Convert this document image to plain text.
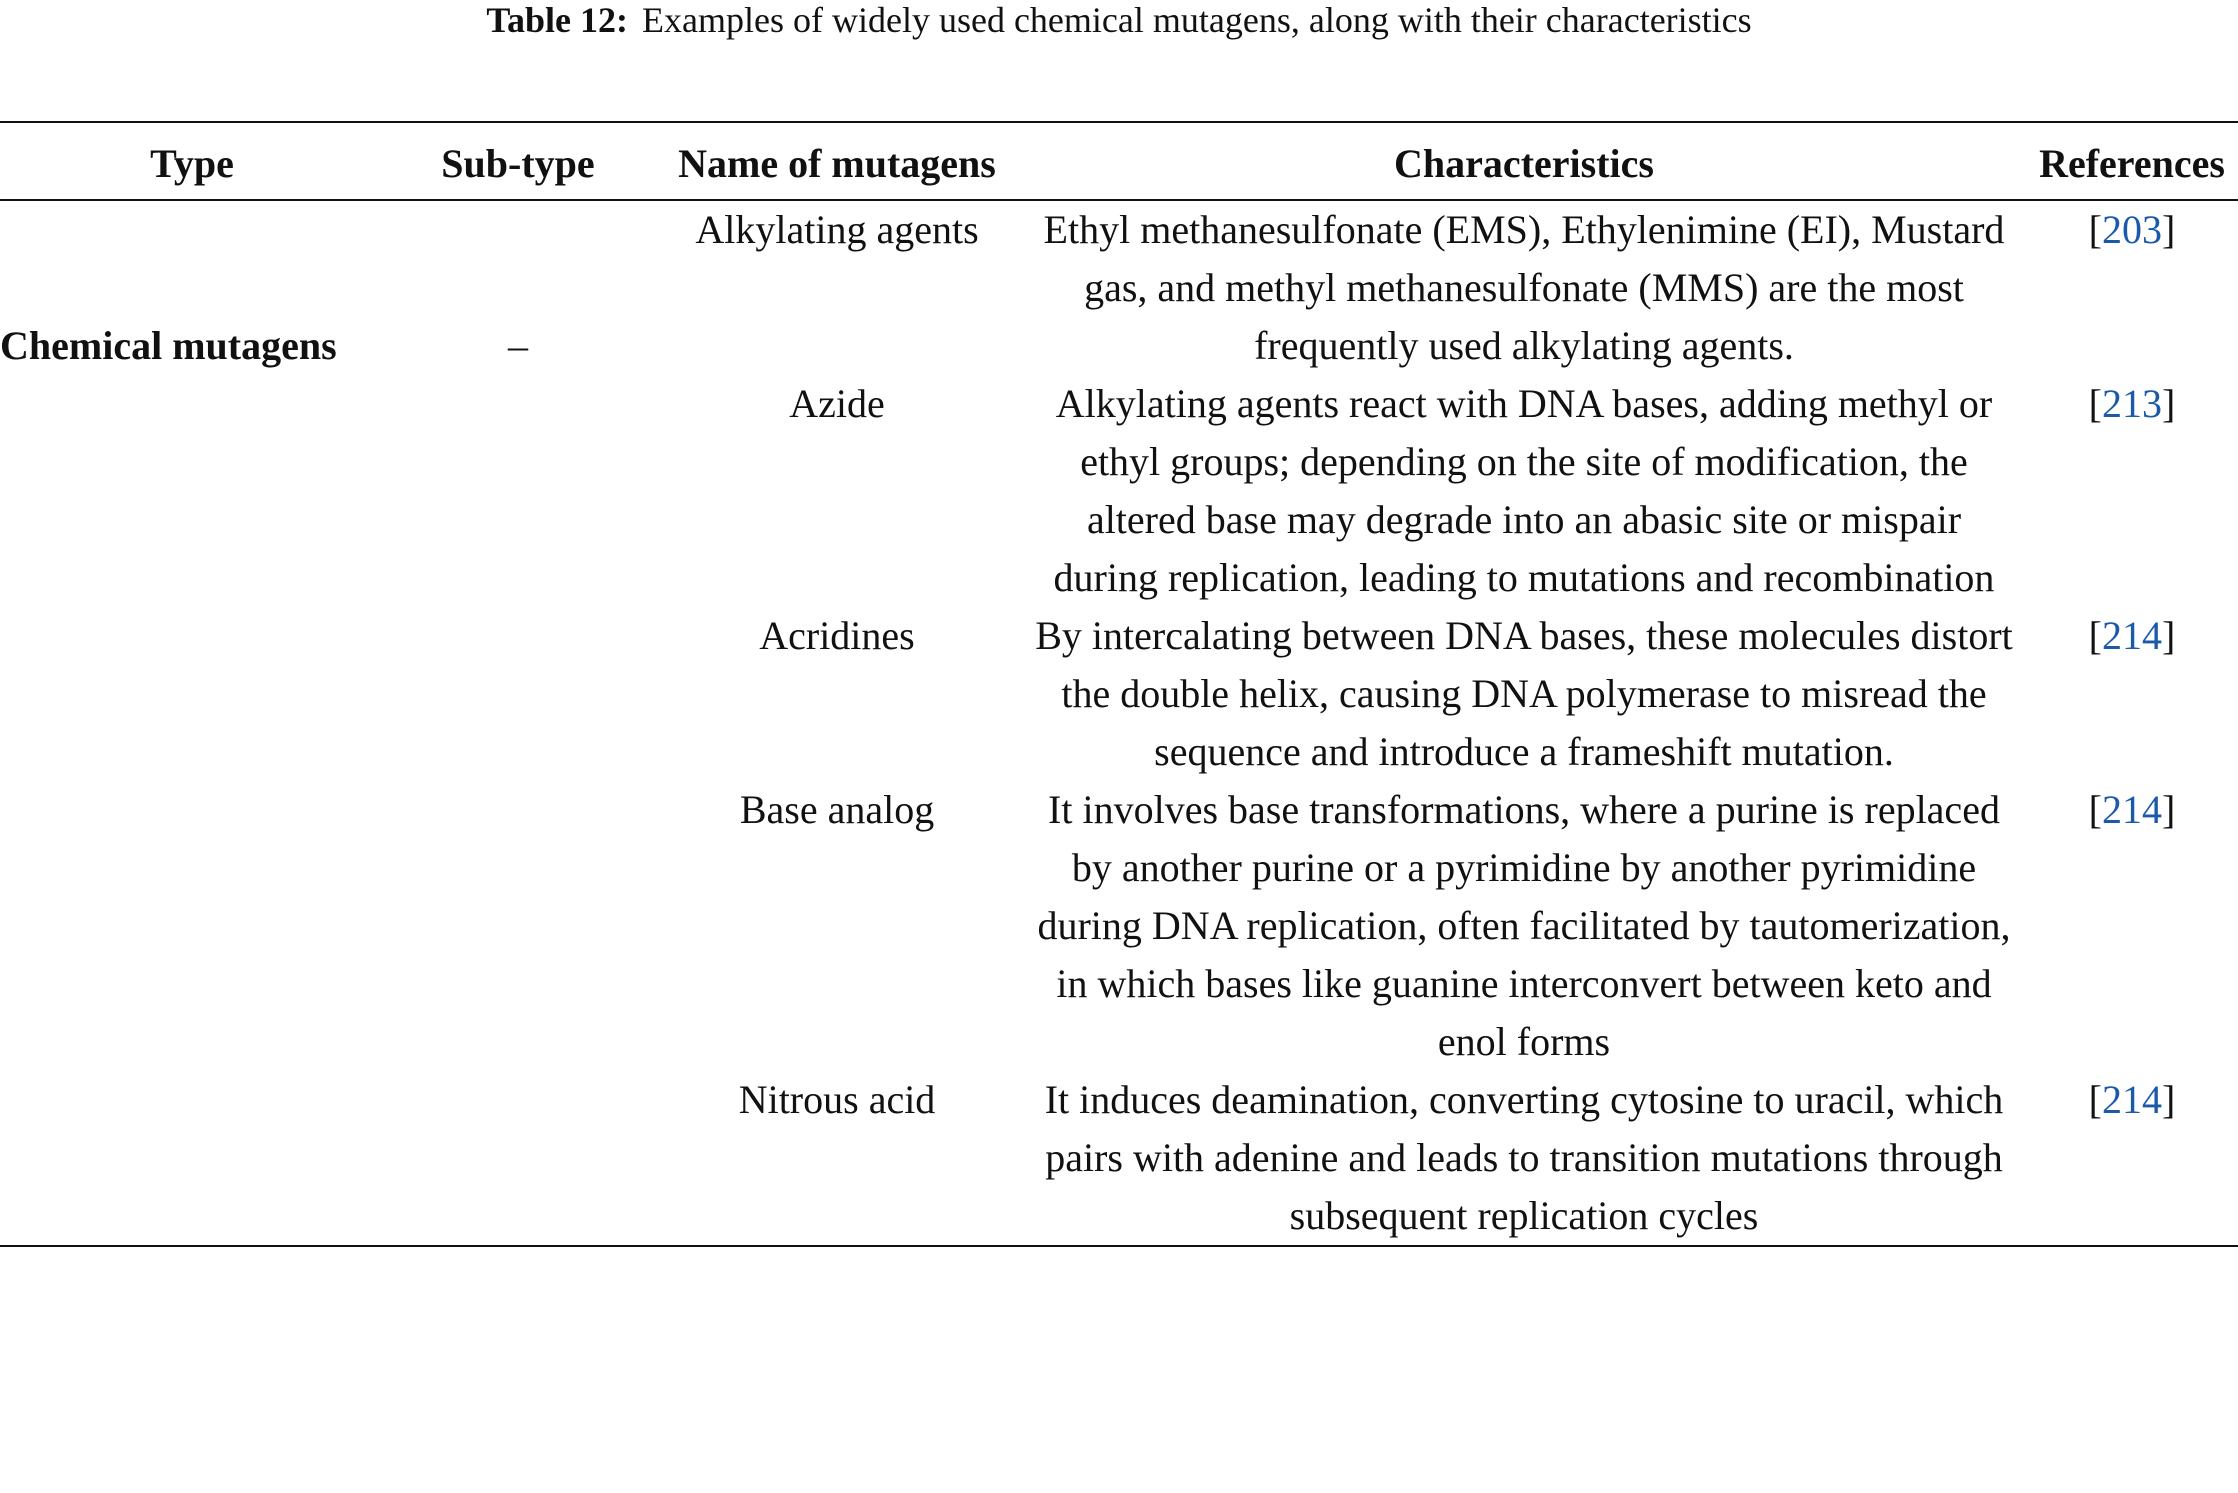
Table 12: Examples of widely used chemical mutagens, along with their characteristics
Type	Sub-type	Name of mutagens	Characteristics	References
Chemical mutagens	–	Alkylating agents	Ethyl methanesulfonate (EMS), Ethylenimine (EI), Mustard gas, and methyl methanesulfonate (MMS) are the most frequently used alkylating agents.	[203]
		Azide	Alkylating agents react with DNA bases, adding methyl or ethyl groups; depending on the site of modification, the altered base may degrade into an abasic site or mispair during replication, leading to mutations and recombination	[213]
		Acridines	By intercalating between DNA bases, these molecules distort the double helix, causing DNA polymerase to misread the sequence and introduce a frameshift mutation.	[214]
		Base analog	It involves base transformations, where a purine is replaced by another purine or a pyrimidine by another pyrimidine during DNA replication, often facilitated by tautomerization, in which bases like guanine interconvert between keto and enol forms	[214]
		Nitrous acid	It induces deamination, converting cytosine to uracil, which pairs with adenine and leads to transition mutations through subsequent replication cycles	[214]
